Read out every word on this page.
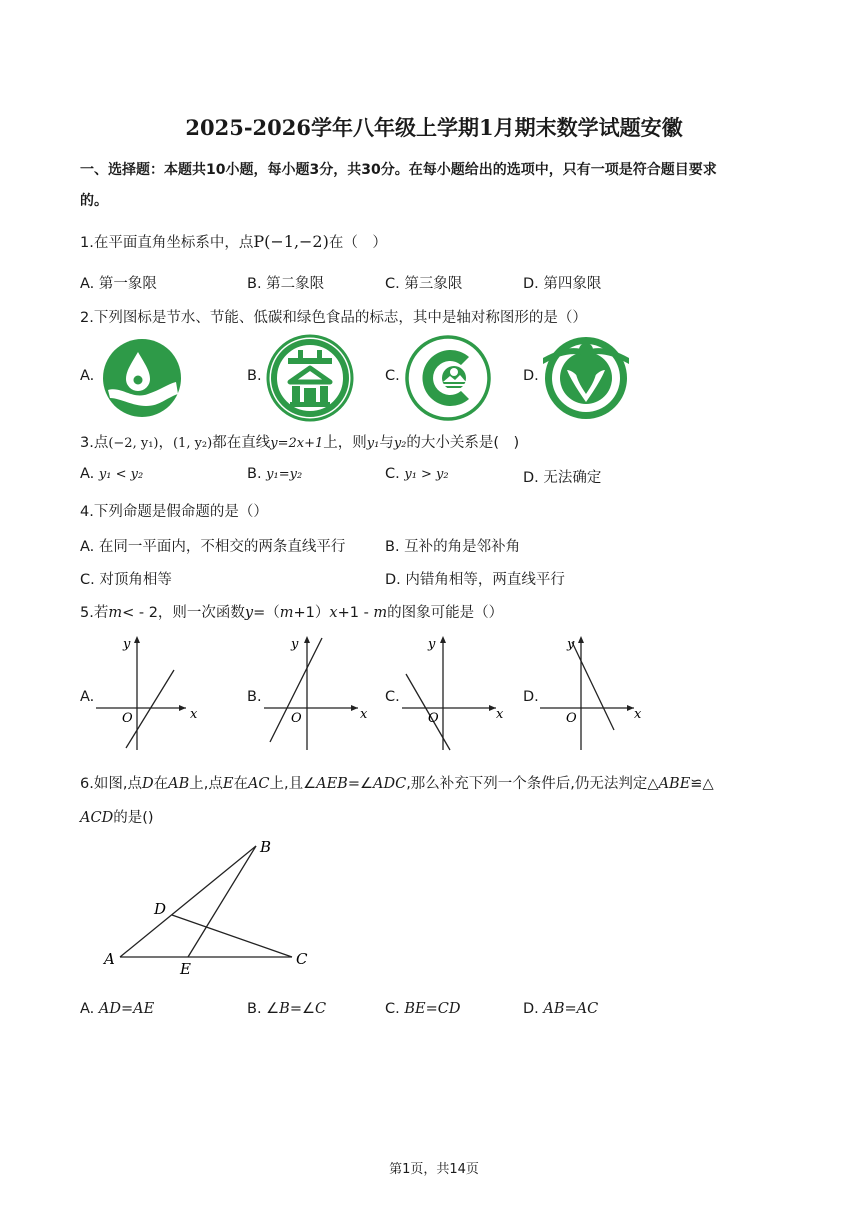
2025-2026学年八年级上学期1月期末数学试题安徽
一、选择题：本题共10小题，每小题3分，共30分。在每小题给出的选项中，只有一项是符合题目要求
的。
1.在平面直角坐标系中，点P(−1,−2)在（　）
A. 第一象限	B. 第二象限	C. 第三象限	D. 第四象限
2.下列图标是节水、节能、低碳和绿色食品的标志，其中是轴对称图形的是（）
A.	B.	C.	D.
3.点(−2, y₁)，(1, y₂)都在直线y=2x+1上，则y₁与y₂的大小关系是(　)
A. y₁ < y₂	B. y₁=y₂	C. y₁ > y₂	D. 无法确定
4.下列命题是假命题的是（）
A. 在同一平面内，不相交的两条直线平行	B. 互补的角是邻补角
C. 对顶角相等	D. 内错角相等，两直线平行
5.若m< - 2，则一次函数y=（m+1）x+1 - m的图象可能是（）
A.
y
x
O
B.
y
x
O
C.
y
x
O
D.
y
x
O
6.如图,点D在AB上,点E在AC上,且∠AEB=∠ADC,那么补充下列一个条件后,仍无法判定△ABE≌△
ACD的是()
A
B
C
D
E
A. AD=AE	B. ∠B=∠C	C. BE=CD	D. AB=AC
第1页，共14页
